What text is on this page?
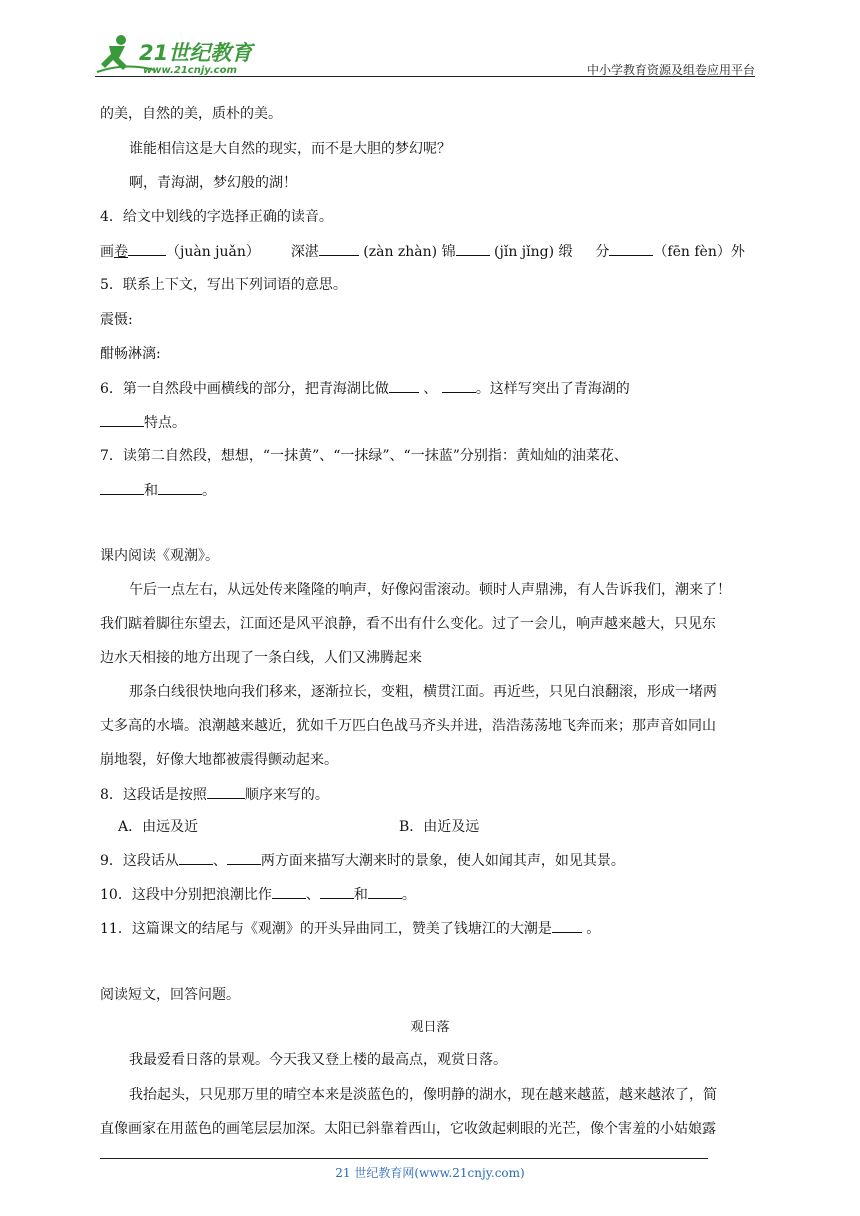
21世纪教育
www.21cnjy.com	中小学教育资源及组卷应用平台
的美，自然的美，质朴的美。
谁能相信这是大自然的现实，而不是大胆的梦幻呢？
啊，青海湖，梦幻般的湖！
4．给文中划线的字选择正确的读音。
画卷	（juàn juǎn） 深湛	(zàn zhàn) 锦	(jǐn jǐng) 缎 分	（fēn fèn）外
5．联系上下文，写出下列词语的意思。
震慑:
酣畅淋漓:
6．第一自然段中画横线的部分，把青海湖比做 、	。这样写突出了青海湖的
特点。
7．读第二自然段，想想，“一抹黄”、“一抹绿”、“一抹蓝”分别指：黄灿灿的油菜花、
和	。
课内阅读《观潮》。
午后一点左右，从远处传来隆隆的响声，好像闷雷滚动。顿时人声鼎沸，有人告诉我们，潮来了！
我们踮着脚往东望去，江面还是风平浪静，看不出有什么变化。过了一会儿，响声越来越大，只见东
边水天相接的地方出现了一条白线，人们又沸腾起来
那条白线很快地向我们移来，逐渐拉长，变粗，横贯江面。再近些，只见白浪翻滚，形成一堵两
丈多高的水墙。浪潮越来越近，犹如千万匹白色战马齐头并进，浩浩荡荡地飞奔而来；那声音如同山
崩地裂，好像大地都被震得颤动起来。
8．这段话是按照	顺序来写的。
A．由远及近	B．由近及远
9．这段话从 、 两方面来描写大潮来时的景象，使人如闻其声，如见其景。
10．这段中分别把浪潮比作 、 和 。
11．这篇课文的结尾与《观潮》的开头异曲同工，赞美了钱塘江的大潮是 。
阅读短文，回答问题。
观日落
我最爱看日落的景观。今天我又登上楼的最高点，观赏日落。
我抬起头，只见那万里的晴空本来是淡蓝色的，像明静的湖水，现在越来越蓝，越来越浓了，简
直像画家在用蓝色的画笔层层加深。太阳已斜靠着西山，它收敛起刺眼的光芒，像个害羞的小姑娘露
21 世纪教育网(www.21cnjy.com)
